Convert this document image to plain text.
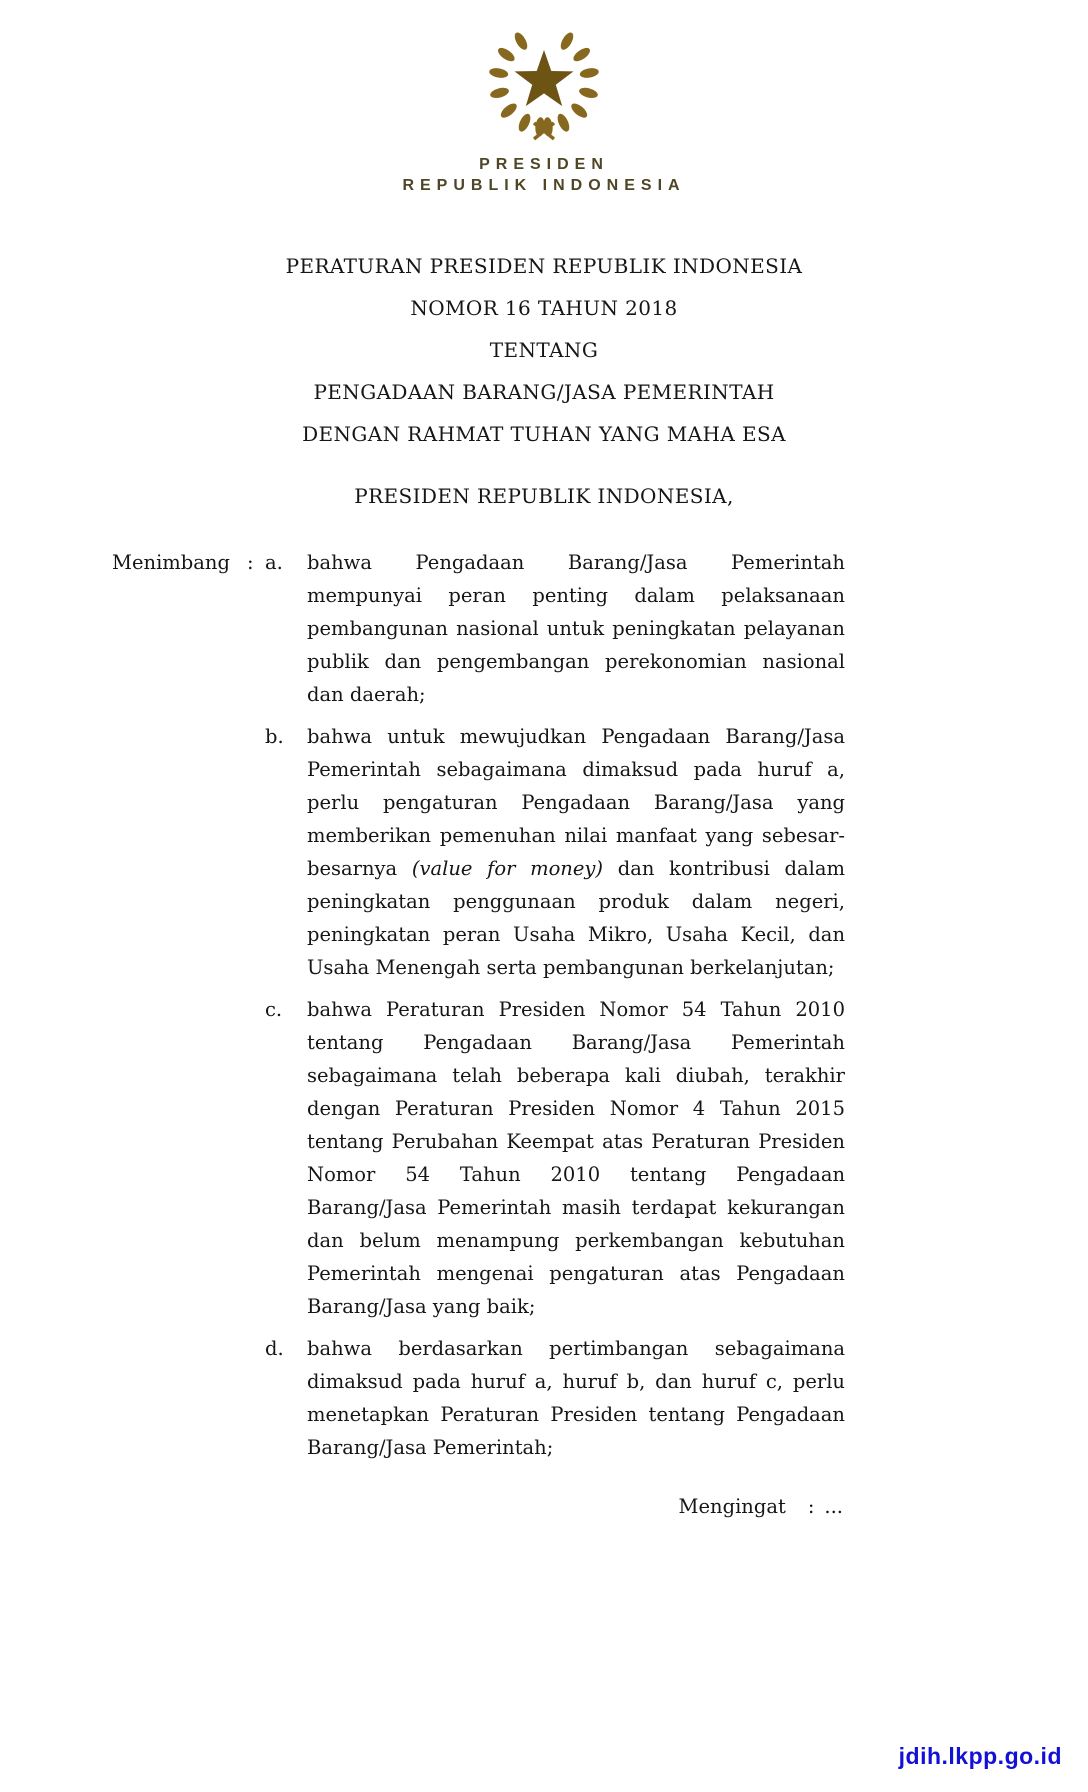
PRESIDEN
REPUBLIK INDONESIA
PERATURAN PRESIDEN REPUBLIK INDONESIA
NOMOR 16 TAHUN 2018
TENTANG
PENGADAAN BARANG/JASA PEMERINTAH
DENGAN RAHMAT TUHAN YANG MAHA ESA
PRESIDEN REPUBLIK INDONESIA,
Menimbang : a.	bahwa Pengadaan Barang/Jasa Pemerintah mempunyai peran penting dalam pelaksanaan pembangunan nasional untuk peningkatan pelayanan publik dan pengembangan perekonomian nasional dan daerah;
b.	bahwa untuk mewujudkan Pengadaan Barang/Jasa Pemerintah sebagaimana dimaksud pada huruf a, perlu pengaturan Pengadaan Barang/Jasa yang memberikan pemenuhan nilai manfaat yang sebesar-besarnya (value for money) dan kontribusi dalam peningkatan penggunaan produk dalam negeri, peningkatan peran Usaha Mikro, Usaha Kecil, dan Usaha Menengah serta pembangunan berkelanjutan;
c.	bahwa Peraturan Presiden Nomor 54 Tahun 2010 tentang Pengadaan Barang/Jasa Pemerintah sebagaimana telah beberapa kali diubah, terakhir dengan Peraturan Presiden Nomor 4 Tahun 2015 tentang Perubahan Keempat atas Peraturan Presiden Nomor 54 Tahun 2010 tentang Pengadaan Barang/Jasa Pemerintah masih terdapat kekurangan dan belum menampung perkembangan kebutuhan Pemerintah mengenai pengaturan atas Pengadaan Barang/Jasa yang baik;
d.	bahwa berdasarkan pertimbangan sebagaimana dimaksud pada huruf a, huruf b, dan huruf c, perlu menetapkan Peraturan Presiden tentang Pengadaan Barang/Jasa Pemerintah;
Mengingat : ...
jdih.lkpp.go.id
